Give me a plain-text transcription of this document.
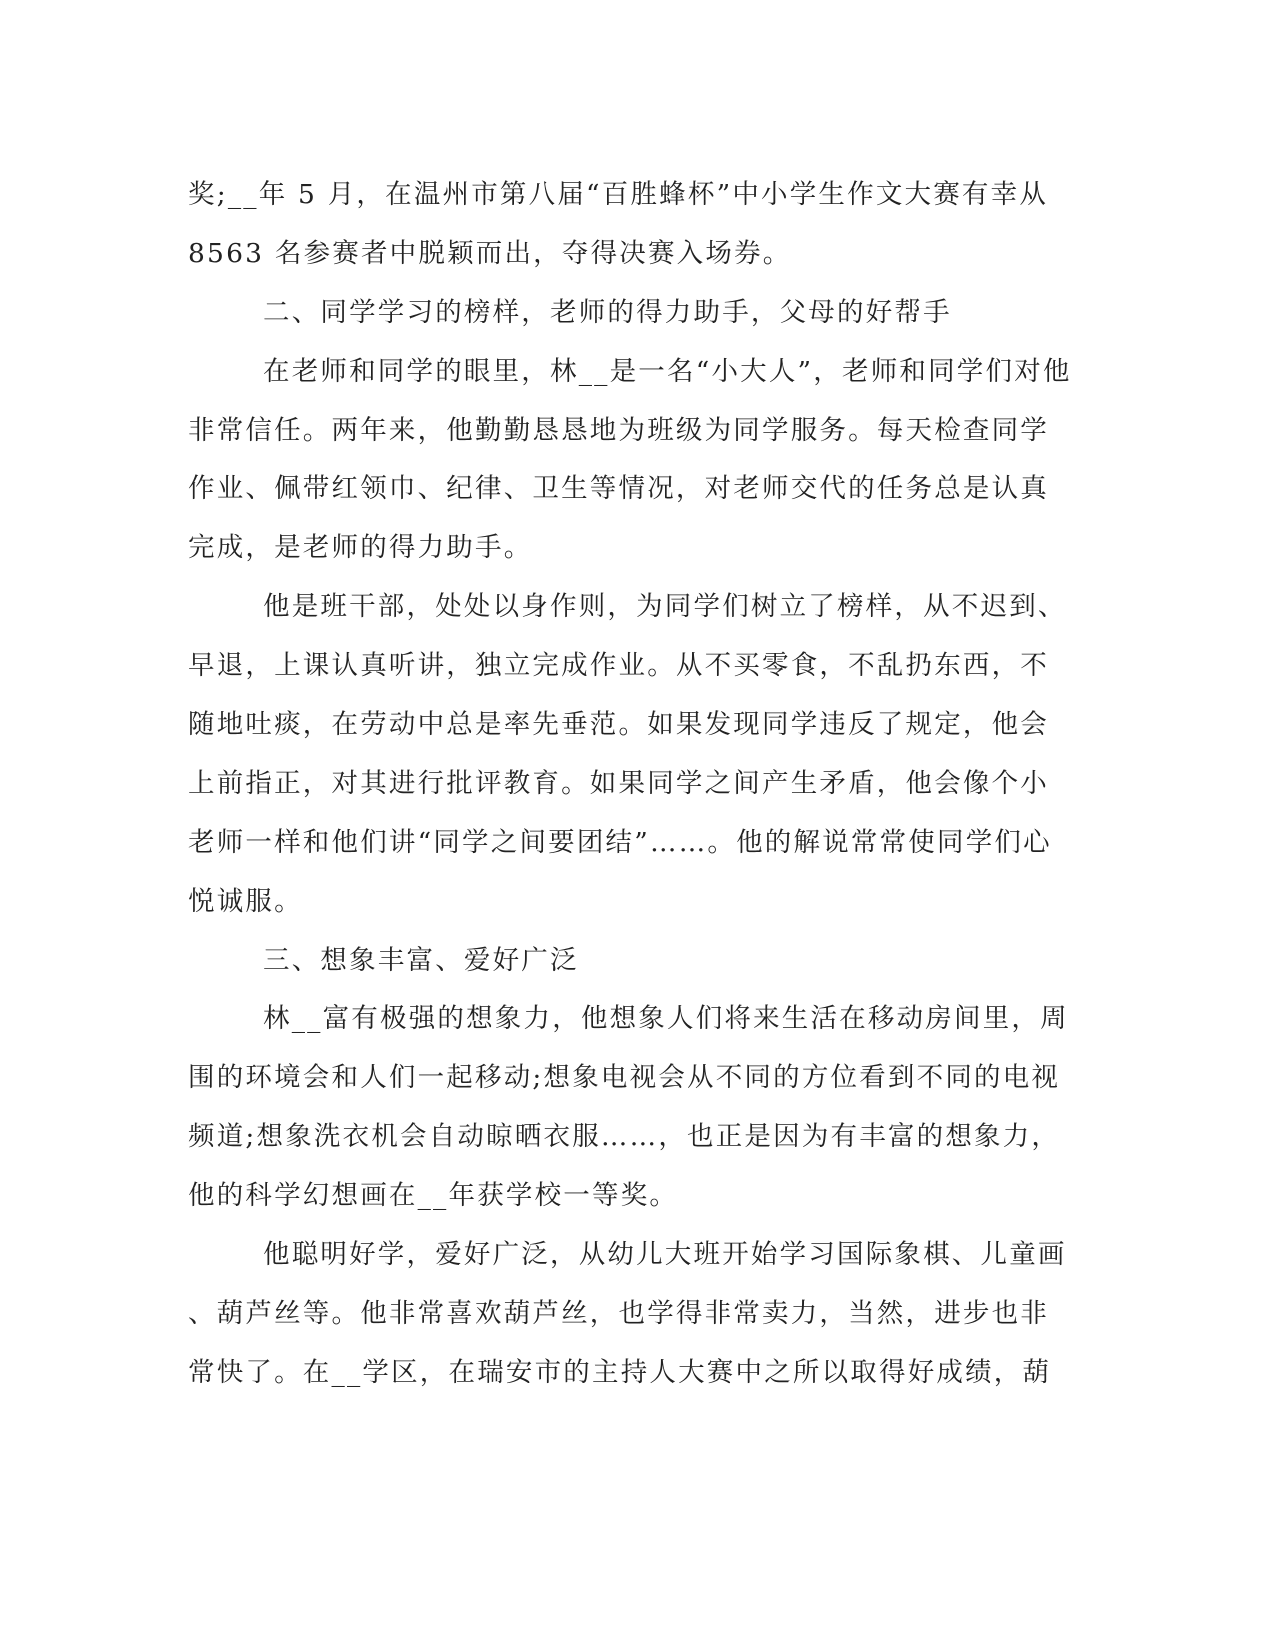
奖;__年 5 月，在温州市第八届“百胜蜂杯”中小学生作文大赛有幸从
8563 名参赛者中脱颖而出，夺得决赛入场券。
二、同学学习的榜样，老师的得力助手，父母的好帮手
在老师和同学的眼里，林__是一名“小大人”，老师和同学们对他
非常信任。两年来，他勤勤恳恳地为班级为同学服务。每天检查同学
作业、佩带红领巾、纪律、卫生等情况，对老师交代的任务总是认真
完成，是老师的得力助手。
他是班干部，处处以身作则，为同学们树立了榜样，从不迟到、
早退，上课认真听讲，独立完成作业。从不买零食，不乱扔东西，不
随地吐痰，在劳动中总是率先垂范。如果发现同学违反了规定，他会
上前指正，对其进行批评教育。如果同学之间产生矛盾，他会像个小
老师一样和他们讲“同学之间要团结”……。他的解说常常使同学们心
悦诚服。
三、想象丰富、爱好广泛
林__富有极强的想象力，他想象人们将来生活在移动房间里，周
围的环境会和人们一起移动;想象电视会从不同的方位看到不同的电视
频道;想象洗衣机会自动晾晒衣服……，也正是因为有丰富的想象力，
他的科学幻想画在__年获学校一等奖。
他聪明好学，爱好广泛，从幼儿大班开始学习国际象棋、儿童画
、葫芦丝等。他非常喜欢葫芦丝，也学得非常卖力，当然，进步也非
常快了。在__学区，在瑞安市的主持人大赛中之所以取得好成绩，葫
